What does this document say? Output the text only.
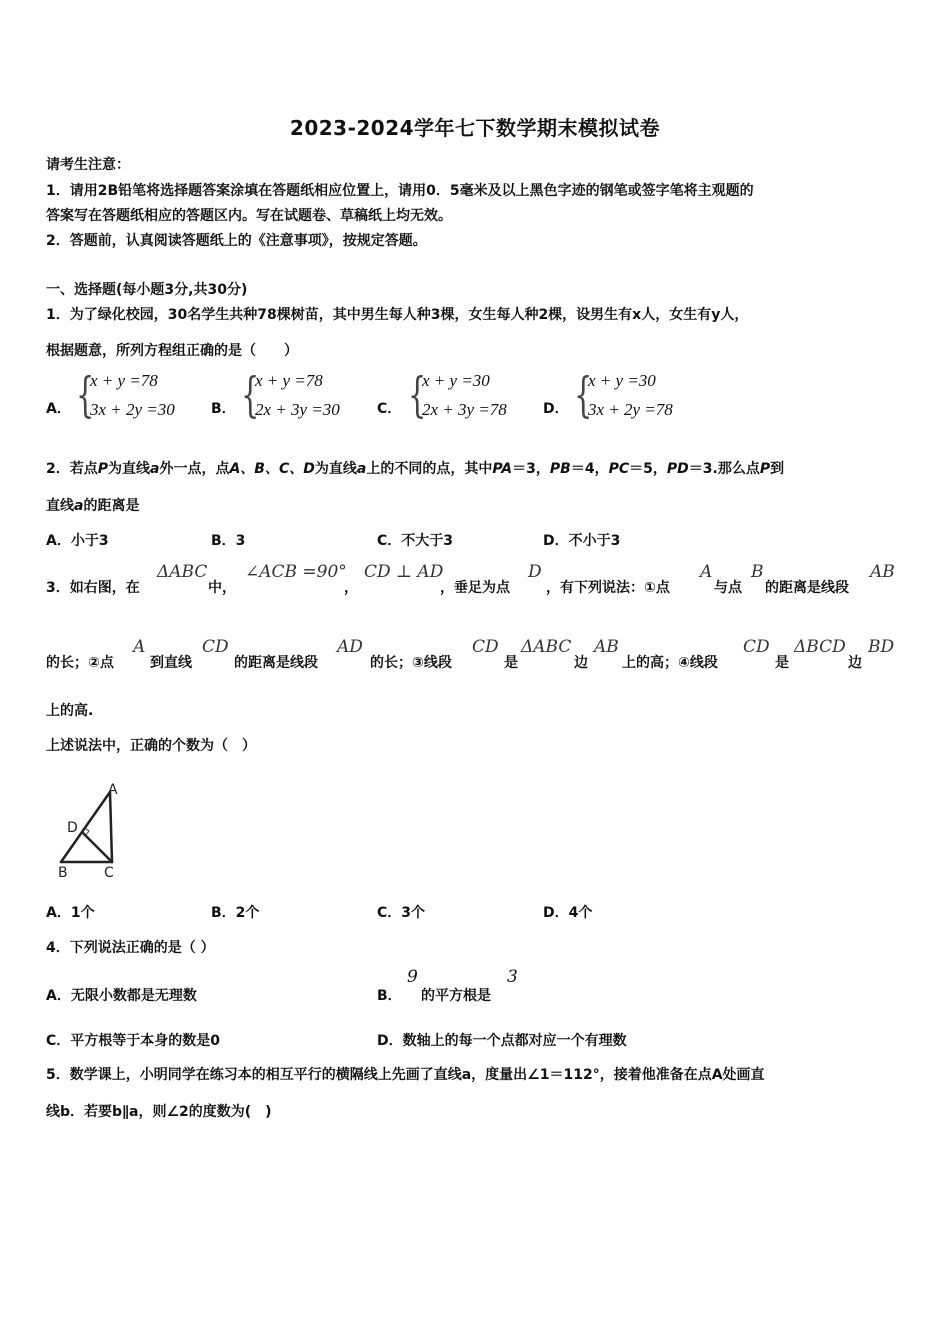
2023-2024学年七下数学期末模拟试卷
请考生注意：
1．请用2B铅笔将选择题答案涂填在答题纸相应位置上，请用0．5毫米及以上黑色字迹的钢笔或签字笔将主观题的
答案写在答题纸相应的答题区内。写在试题卷、草稿纸上均无效。
2．答题前，认真阅读答题纸上的《注意事项》，按规定答题。
一、选择题(每小题3分,共30分)
1．为了绿化校园，30名学生共种78棵树苗，其中男生每人种3棵，女生每人种2棵，设男生有x人，女生有y人，
根据题意，所列方程组正确的是（　　）
A． {
x + y =78
3x + 2y =30	B． {
x + y =78
2x + 3y =30	C． {
x + y =30
2x + 3y =78	D． {
x + y =30
3x + 2y =78
2．若点P为直线a外一点，点A、B、C、D为直线a上的不同的点，其中PA＝3，PB＝4，PC＝5，PD＝3.那么点P到
直线a的距离是
A．小于3	B．3	C．不大于3	D．不小于3
3．如右图，在
ΔABC
中，
∠ACB =90°
，
CD ⊥ AD
，垂足为点
D
，有下列说法：①点
A
与点
B
的距离是线段
AB
的长；②点
A
到直线
CD
的距离是线段
AD
的长；③线段
CD
是
ΔABC
边
AB
上的高；④线段
CD
是
ΔBCD
边
BD
上的高.
上述说法中，正确的个数为（　）
A
D
B	C
A．1个	B．2个	C．3个	D．4个
4．下列说法正确的是（ ）
A．无限小数都是无理数	B．
9
的平方根是
3
C．平方根等于本身的数是0	D．数轴上的每一个点都对应一个有理数
5．数学课上，小明同学在练习本的相互平行的横隔线上先画了直线a，度量出∠1＝112°，接着他准备在点A处画直
线b．若要b∥a，则∠2的度数为(　)
